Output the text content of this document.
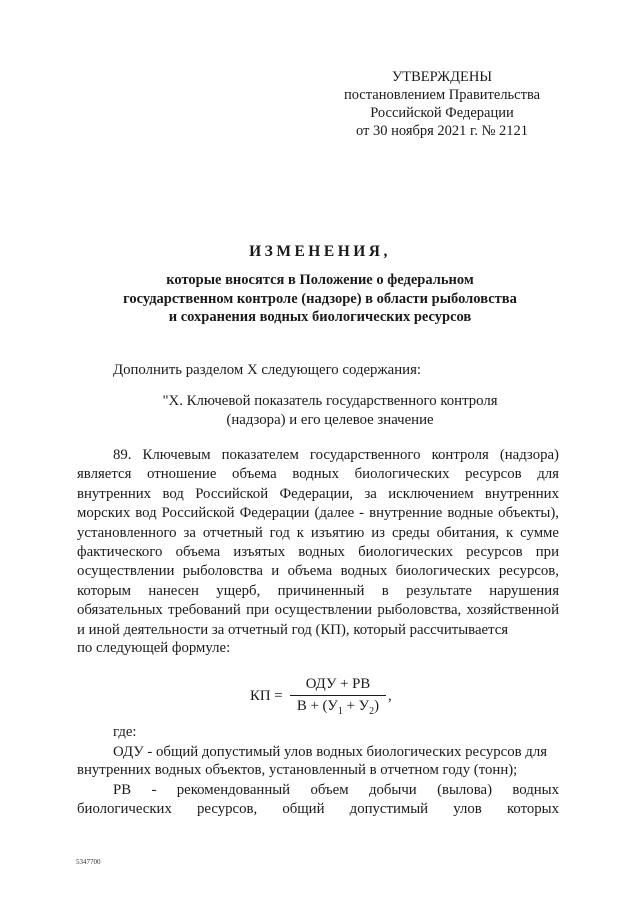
УТВЕРЖДЕНЫ
постановлением Правительства
Российской Федерации
от 30 ноября 2021 г. № 2121
ИЗМЕНЕНИЯ,
которые вносятся в Положение о федеральном
государственном контроле (надзоре) в области рыболовства
и сохранения водных биологических ресурсов
Дополнить разделом X следующего содержания:
"X. Ключевой показатель государственного контроля
(надзора) и его целевое значение
89. Ключевым показателем государственного контроля (надзора) является отношение объема водных биологических ресурсов для внутренних вод Российской Федерации, за исключением внутренних морских вод Российской Федерации (далее - внутренние водные объекты), установленного за отчетный год к изъятию из среды обитания, к сумме фактического объема изъятых водных биологических ресурсов при осуществлении рыболовства и объема водных биологических ресурсов, которым нанесен ущерб, причиненный в результате нарушения обязательных требований при осуществлении рыболовства, хозяйственной и иной деятельности за отчетный год (КП), который рассчитывается
по следующей формуле:
КП =
ОДУ + РВ
$В + (У_1 + У_2)$
,
где:
ОДУ - общий допустимый улов водных биологических ресурсов для
внутренних водных объектов, установленный в отчетном году (тонн);
РВ - рекомендованный объем добычи (вылова) водных
биологических ресурсов, общий допустимый улов которых
5347700
